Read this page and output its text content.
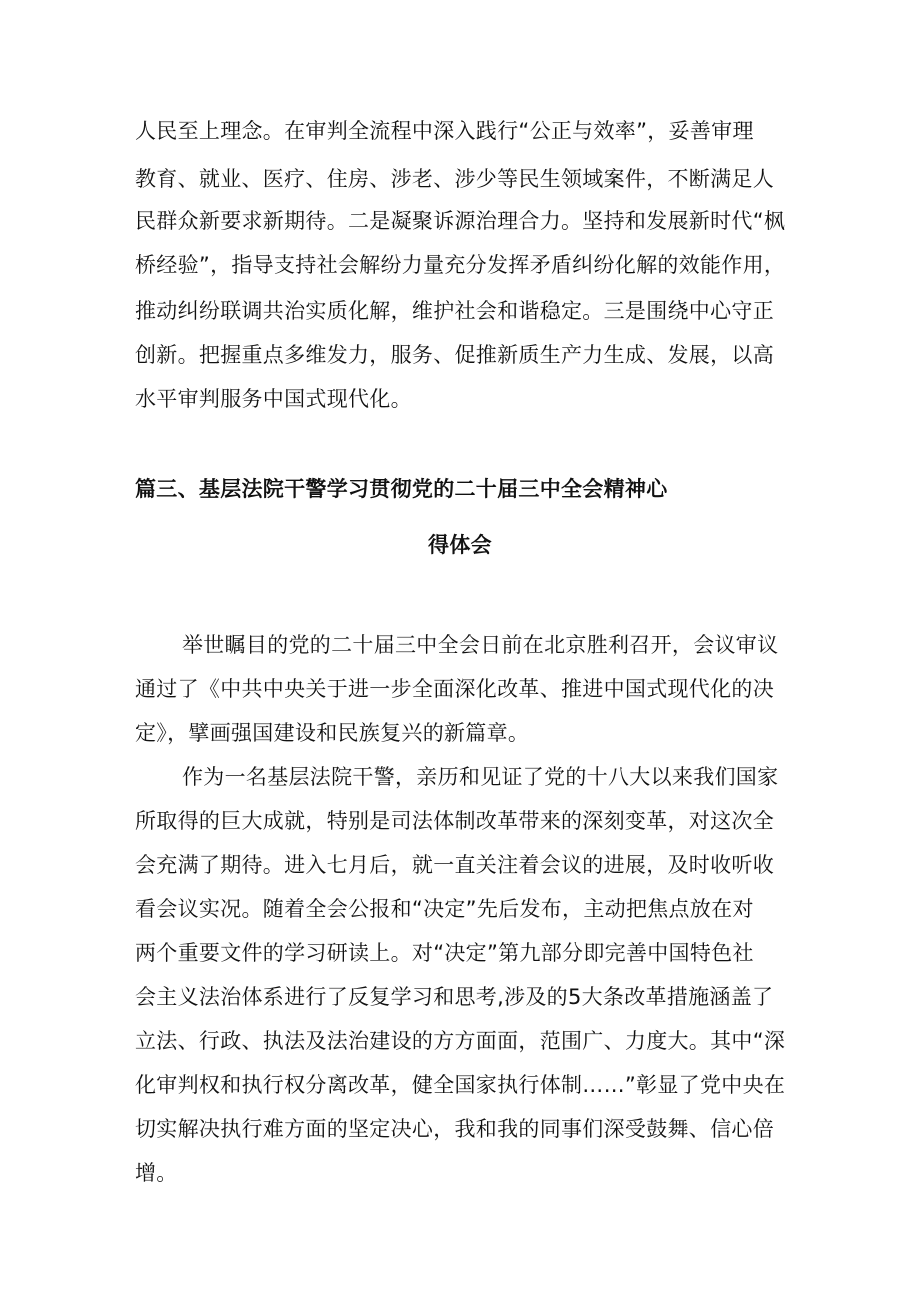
人民至上理念。在审判全流程中深入践行“公正与效率”，妥善审理
教育、就业、医疗、住房、涉老、涉少等民生领域案件，不断满足人
民群众新要求新期待。二是凝聚诉源治理合力。坚持和发展新时代“枫
桥经验”，指导支持社会解纷力量充分发挥矛盾纠纷化解的效能作用，
推动纠纷联调共治实质化解，维护社会和谐稳定。三是围绕中心守正
创新。把握重点多维发力，服务、促推新质生产力生成、发展，以高
水平审判服务中国式现代化。
篇三、基层法院干警学习贯彻党的二十届三中全会精神心
得体会
举世瞩目的党的二十届三中全会日前在北京胜利召开，会议审议
通过了《中共中央关于进一步全面深化改革、推进中国式现代化的决
定》，擘画强国建设和民族复兴的新篇章。
作为一名基层法院干警，亲历和见证了党的十八大以来我们国家
所取得的巨大成就，特别是司法体制改革带来的深刻变革，对这次全
会充满了期待。进入七月后，就一直关注着会议的进展，及时收听收
看会议实况。随着全会公报和“决定”先后发布，主动把焦点放在对
两个重要文件的学习研读上。对“决定”第九部分即完善中国特色社
会主义法治体系进行了反复学习和思考,涉及的5大条改革措施涵盖了
立法、行政、执法及法治建设的方方面面，范围广、力度大。其中“深
化审判权和执行权分离改革，健全国家执行体制……”彰显了党中央在
切实解决执行难方面的坚定决心，我和我的同事们深受鼓舞、信心倍
增。
